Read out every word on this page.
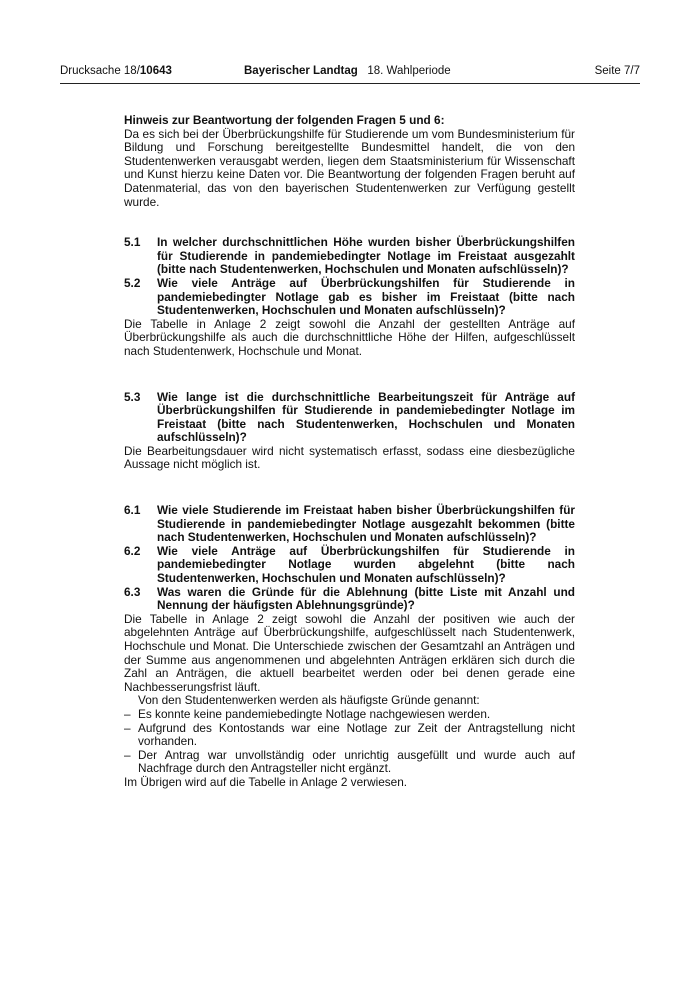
Drucksache 18/10643	Bayerischer Landtag 18. Wahlperiode	Seite 7/7

Hinweis zur Beantwortung der folgenden Fragen 5 und 6:

Da es sich bei der Überbrückungshilfe für Studierende um vom Bundesministerium für Bildung und Forschung bereitgestellte Bundesmittel handelt, die von den Studentenwerken verausgabt werden, liegen dem Staatsministerium für Wissenschaft und Kunst hierzu keine Daten vor. Die Beantwortung der folgenden Fragen beruht auf Datenmaterial, das von den bayerischen Studentenwerken zur Verfügung gestellt wurde.

5.1	In welcher durchschnittlichen Höhe wurden bisher Überbrückungshilfen für Studierende in pandemiebedingter Notlage im Freistaat ausgezahlt (bitte nach Studentenwerken, Hochschulen und Monaten aufschlüsseln)?
5.2	Wie viele Anträge auf Überbrückungshilfen für Studierende in pandemiebedingter Notlage gab es bisher im Freistaat (bitte nach Studentenwerken, Hochschulen und Monaten aufschlüsseln)?

Die Tabelle in Anlage 2 zeigt sowohl die Anzahl der gestellten Anträge auf Überbrückungshilfe als auch die durchschnittliche Höhe der Hilfen, aufgeschlüsselt nach Studentenwerk, Hochschule und Monat.

5.3	Wie lange ist die durchschnittliche Bearbeitungszeit für Anträge auf Überbrückungshilfen für Studierende in pandemiebedingter Notlage im Freistaat (bitte nach Studentenwerken, Hochschulen und Monaten aufschlüsseln)?

Die Bearbeitungsdauer wird nicht systematisch erfasst, sodass eine diesbezügliche Aussage nicht möglich ist.

6.1	Wie viele Studierende im Freistaat haben bisher Überbrückungshilfen für Studierende in pandemiebedingter Notlage ausgezahlt bekommen (bitte nach Studentenwerken, Hochschulen und Monaten aufschlüsseln)?
6.2	Wie viele Anträge auf Überbrückungshilfen für Studierende in pandemiebedingter Notlage wurden abgelehnt (bitte nach Studentenwerken, Hochschulen und Monaten aufschlüsseln)?
6.3	Was waren die Gründe für die Ablehnung (bitte Liste mit Anzahl und Nennung der häufigsten Ablehnungsgründe)?

Die Tabelle in Anlage 2 zeigt sowohl die Anzahl der positiven wie auch der abgelehnten Anträge auf Überbrückungshilfe, aufgeschlüsselt nach Studentenwerk, Hochschule und Monat. Die Unterschiede zwischen der Gesamtzahl an Anträgen und der Summe aus angenommenen und abgelehnten Anträgen erklären sich durch die Zahl an Anträgen, die aktuell bearbeitet werden oder bei denen gerade eine Nachbesserungsfrist läuft.

Von den Studentenwerken werden als häufigste Gründe genannt:

– Es konnte keine pandemiebedingte Notlage nachgewiesen werden.
– Aufgrund des Kontostands war eine Notlage zur Zeit der Antragstellung nicht vorhanden.
– Der Antrag war unvollständig oder unrichtig ausgefüllt und wurde auch auf Nachfrage durch den Antragsteller nicht ergänzt.

Im Übrigen wird auf die Tabelle in Anlage 2 verwiesen.
